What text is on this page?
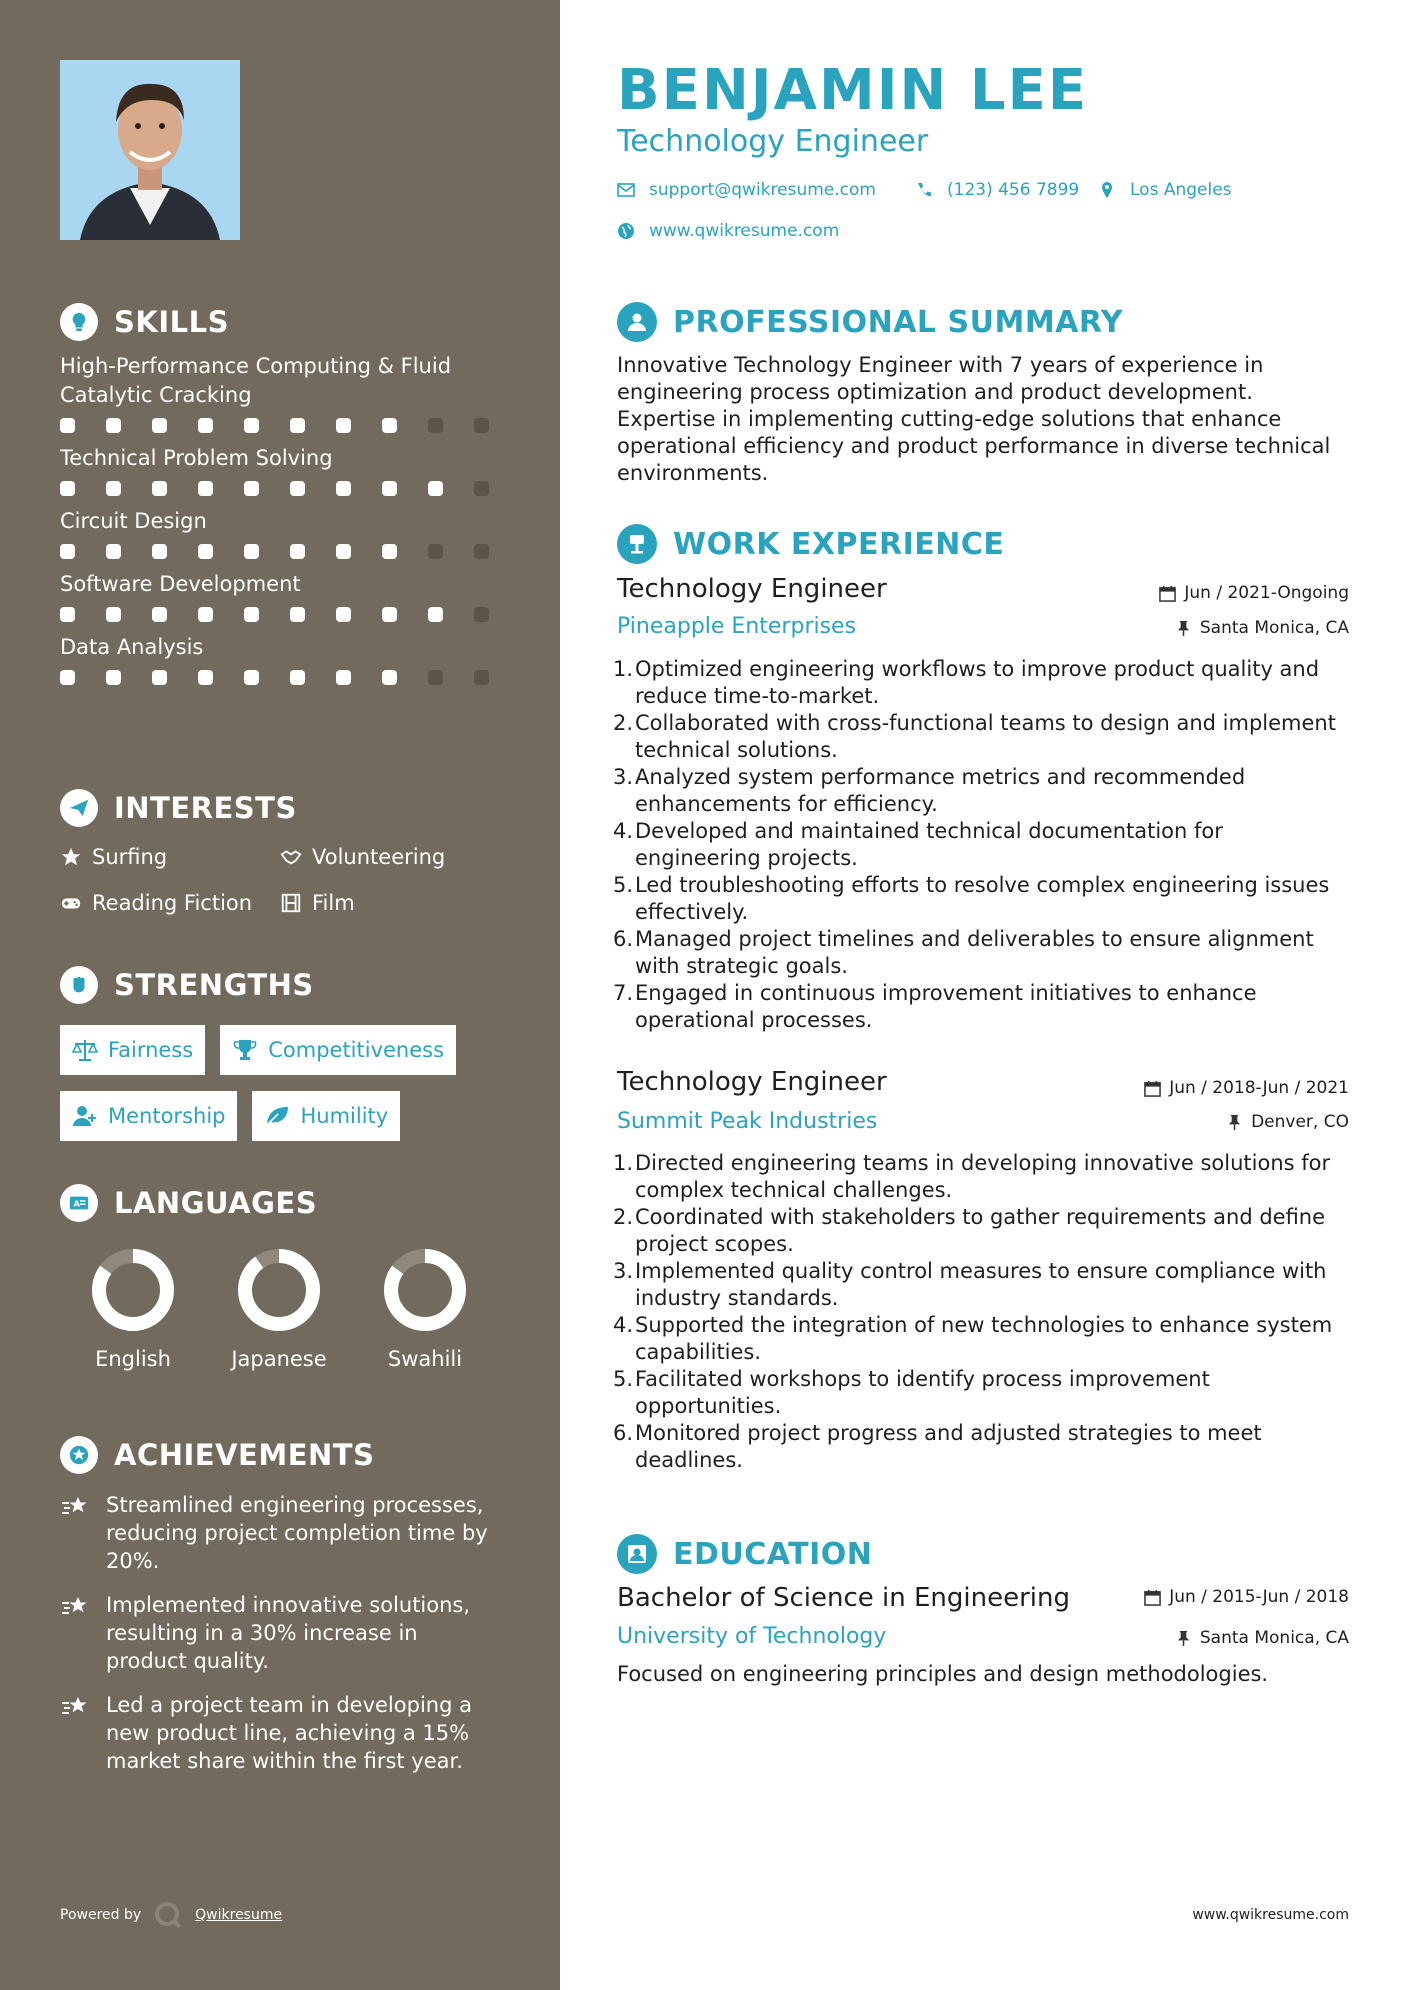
SKILLS
High-Performance Computing & Fluid Catalytic Cracking
Technical Problem Solving
Circuit Design
Software Development
Data Analysis
INTERESTS
Surfing	Volunteering
Reading Fiction	Film
STRENGTHS
Fairness	Competitiveness
Mentorship	Humility
A LANGUAGES
English	Japanese	Swahili
ACHIEVEMENTS
Streamlined engineering processes, reducing project completion time by 20%.
Implemented innovative solutions, resulting in a 30% increase in product quality.
Led a project team in developing a new product line, achieving a 15% market share within the first year.
Powered by	Qwikresume
BENJAMIN LEE
Technology Engineer
support@qwikresume.com	(123) 456 7899	Los Angeles
www.qwikresume.com
PROFESSIONAL SUMMARY
Innovative Technology Engineer with 7 years of experience in engineering process optimization and product development. Expertise in implementing cutting-edge solutions that enhance operational efficiency and product performance in diverse technical environments.
WORK EXPERIENCE
Technology Engineer	Jun / 2021-Ongoing
Pineapple Enterprises	Santa Monica, CA
Optimized engineering workflows to improve product quality and reduce time-to-market.
Collaborated with cross-functional teams to design and implement technical solutions.
Analyzed system performance metrics and recommended enhancements for efficiency.
Developed and maintained technical documentation for engineering projects.
Led troubleshooting efforts to resolve complex engineering issues effectively.
Managed project timelines and deliverables to ensure alignment with strategic goals.
Engaged in continuous improvement initiatives to enhance operational processes.
Technology Engineer	Jun / 2018-Jun / 2021
Summit Peak Industries	Denver, CO
Directed engineering teams in developing innovative solutions for complex technical challenges.
Coordinated with stakeholders to gather requirements and define project scopes.
Implemented quality control measures to ensure compliance with industry standards.
Supported the integration of new technologies to enhance system capabilities.
Facilitated workshops to identify process improvement opportunities.
Monitored project progress and adjusted strategies to meet deadlines.
EDUCATION
Bachelor of Science in Engineering	Jun / 2015-Jun / 2018
University of Technology	Santa Monica, CA
Focused on engineering principles and design methodologies.
www.qwikresume.com
